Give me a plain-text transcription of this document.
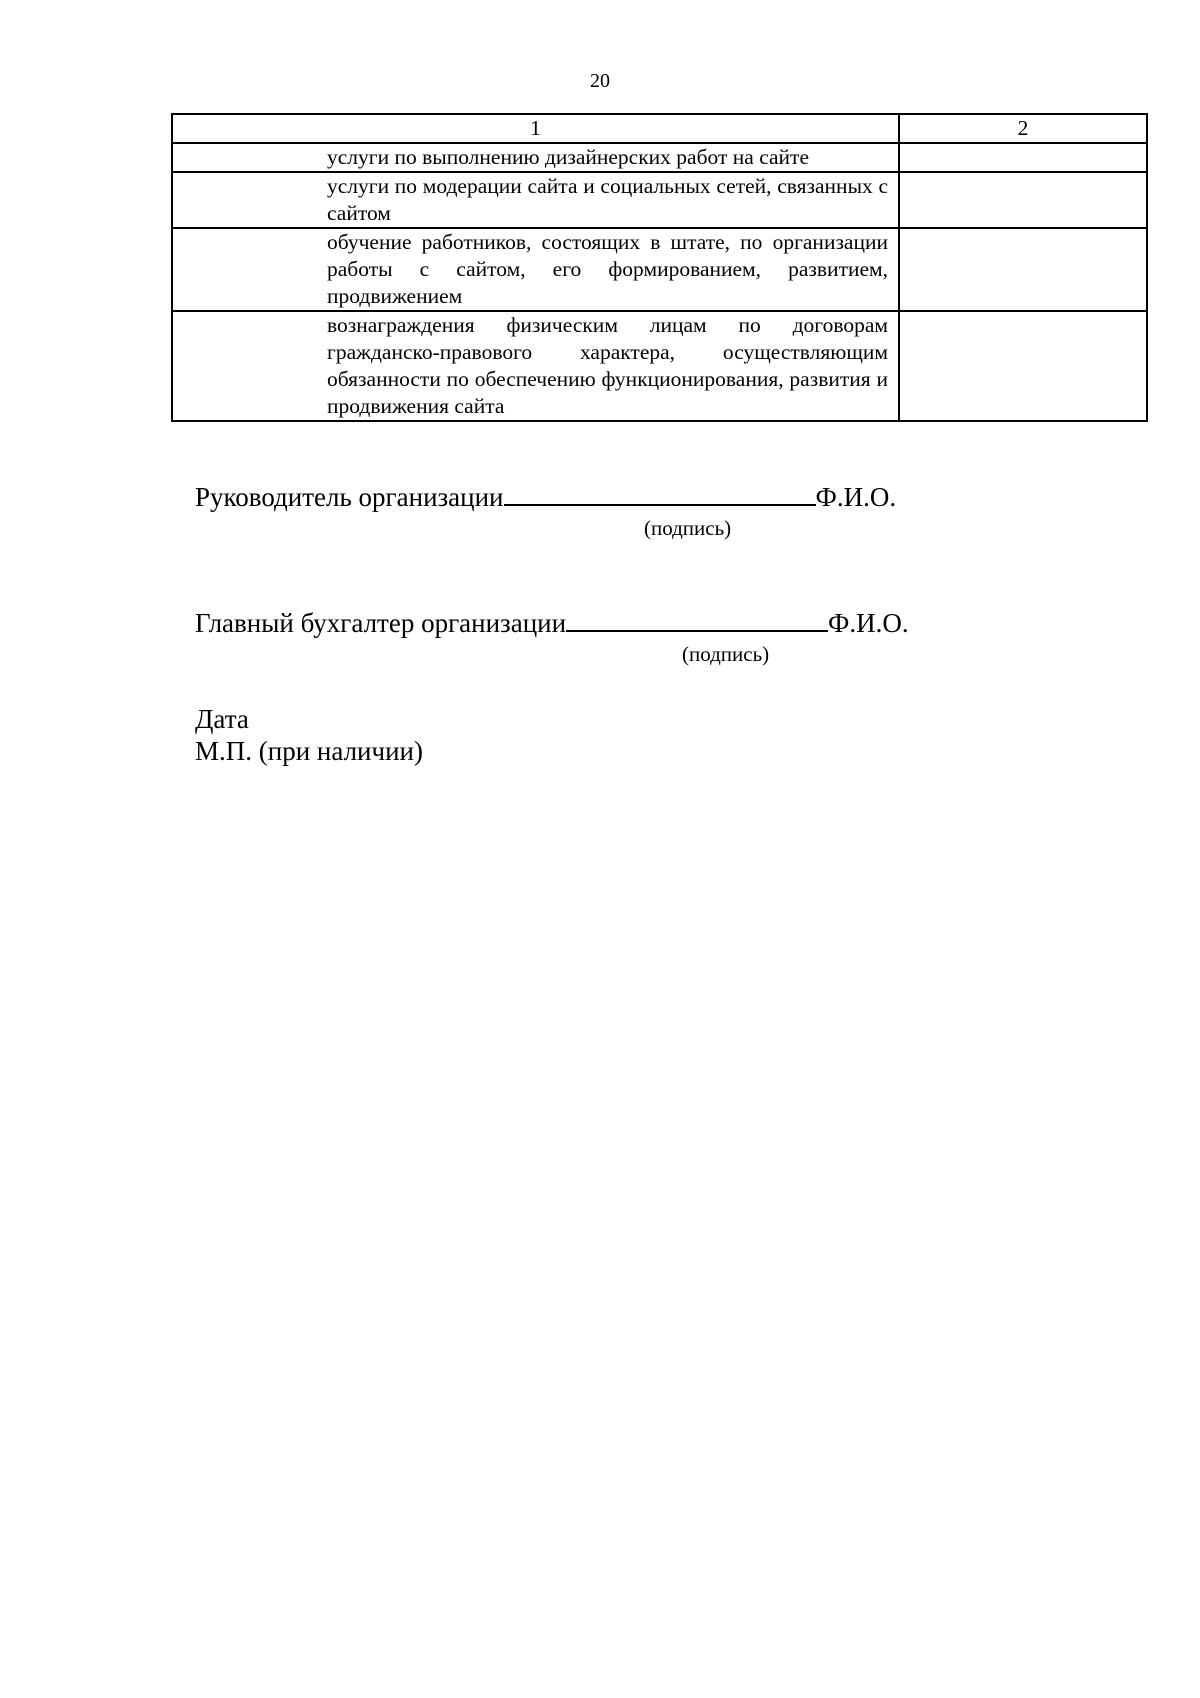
20
1	2

услуги по выполнению дизайнерских работ на сайте	

услуги по модерации сайта и социальных сетей, связанных с сайтом	

обучение работников, состоящих в штате, по организации работы с сайтом, его формированием, развитием, продвижением	

вознаграждения физическим лицам по договорам гражданско-правового характера, осуществляющим обязанности по обеспечению функционирования, развития и продвижения сайта	

Руководитель организации	Ф.И.О.
(подпись)
Главный бухгалтер организации	Ф.И.О.
(подпись)
Дата
М.П. (при наличии)
